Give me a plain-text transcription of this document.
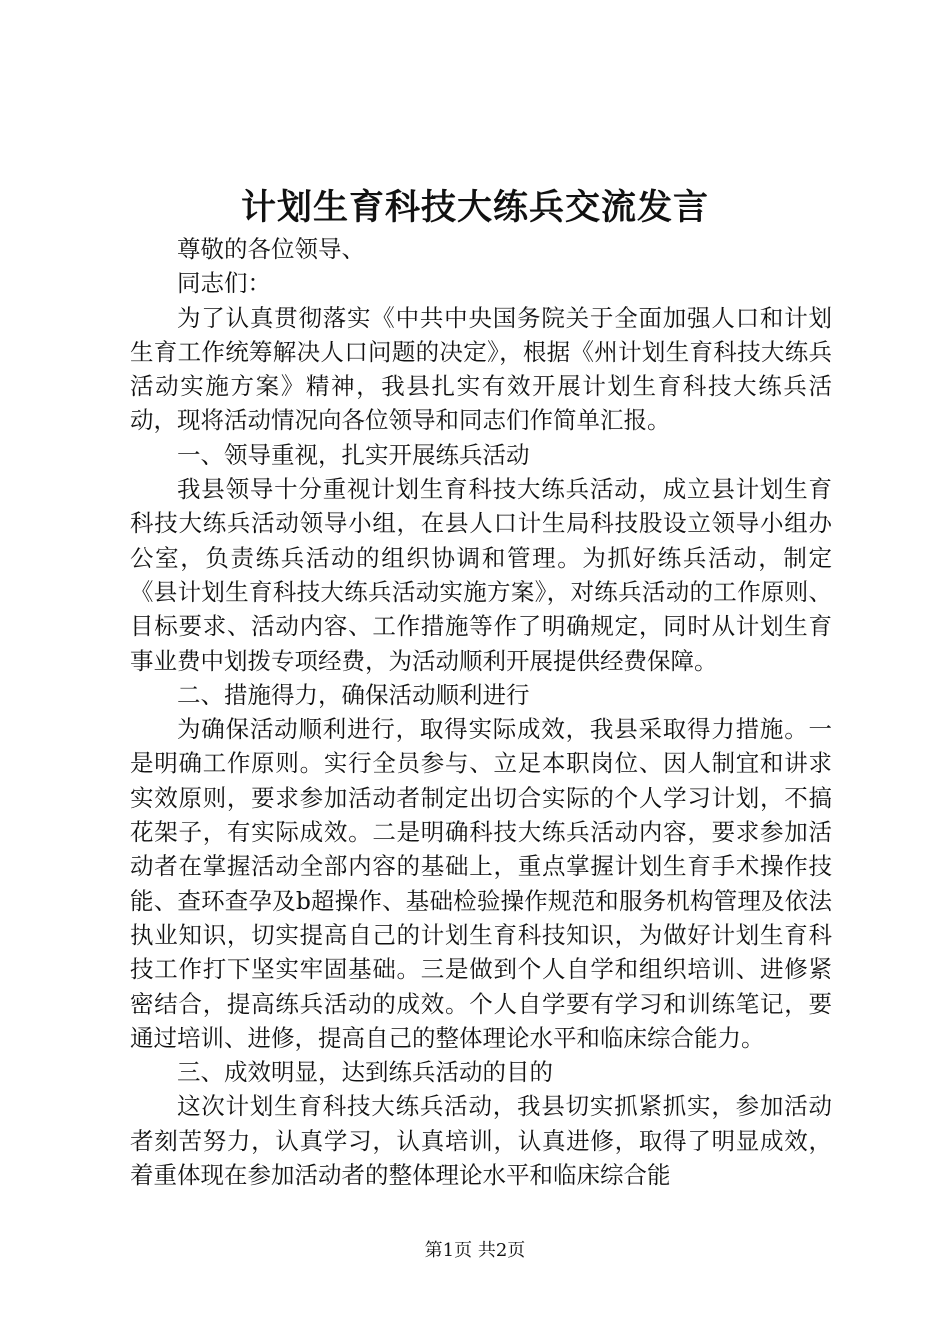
计划生育科技大练兵交流发言

尊敬的各位领导、

同志们：

为了认真贯彻落实《中共中央国务院关于全面加强人口和计划生育工作统筹解决人口问题的决定》，根据《州计划生育科技大练兵活动实施方案》精神，我县扎实有效开展计划生育科技大练兵活动，现将活动情况向各位领导和同志们作简单汇报。

一、领导重视，扎实开展练兵活动

我县领导十分重视计划生育科技大练兵活动，成立县计划生育科技大练兵活动领导小组，在县人口计生局科技股设立领导小组办公室，负责练兵活动的组织协调和管理。为抓好练兵活动，制定《县计划生育科技大练兵活动实施方案》，对练兵活动的工作原则、目标要求、活动内容、工作措施等作了明确规定，同时从计划生育事业费中划拨专项经费，为活动顺利开展提供经费保障。

二、措施得力，确保活动顺利进行

为确保活动顺利进行，取得实际成效，我县采取得力措施。一是明确工作原则。实行全员参与、立足本职岗位、因人制宜和讲求实效原则，要求参加活动者制定出切合实际的个人学习计划，不搞花架子，有实际成效。二是明确科技大练兵活动内容，要求参加活动者在掌握活动全部内容的基础上，重点掌握计划生育手术操作技能、查环查孕及b超操作、基础检验操作规范和服务机构管理及依法执业知识，切实提高自己的计划生育科技知识，为做好计划生育科技工作打下坚实牢固基础。三是做到个人自学和组织培训、进修紧密结合，提高练兵活动的成效。个人自学要有学习和训练笔记，要通过培训、进修，提高自己的整体理论水平和临床综合能力。

三、成效明显，达到练兵活动的目的

这次计划生育科技大练兵活动，我县切实抓紧抓实，参加活动者刻苦努力，认真学习，认真培训，认真进修，取得了明显成效，着重体现在参加活动者的整体理论水平和临床综合能

第1页 共2页
